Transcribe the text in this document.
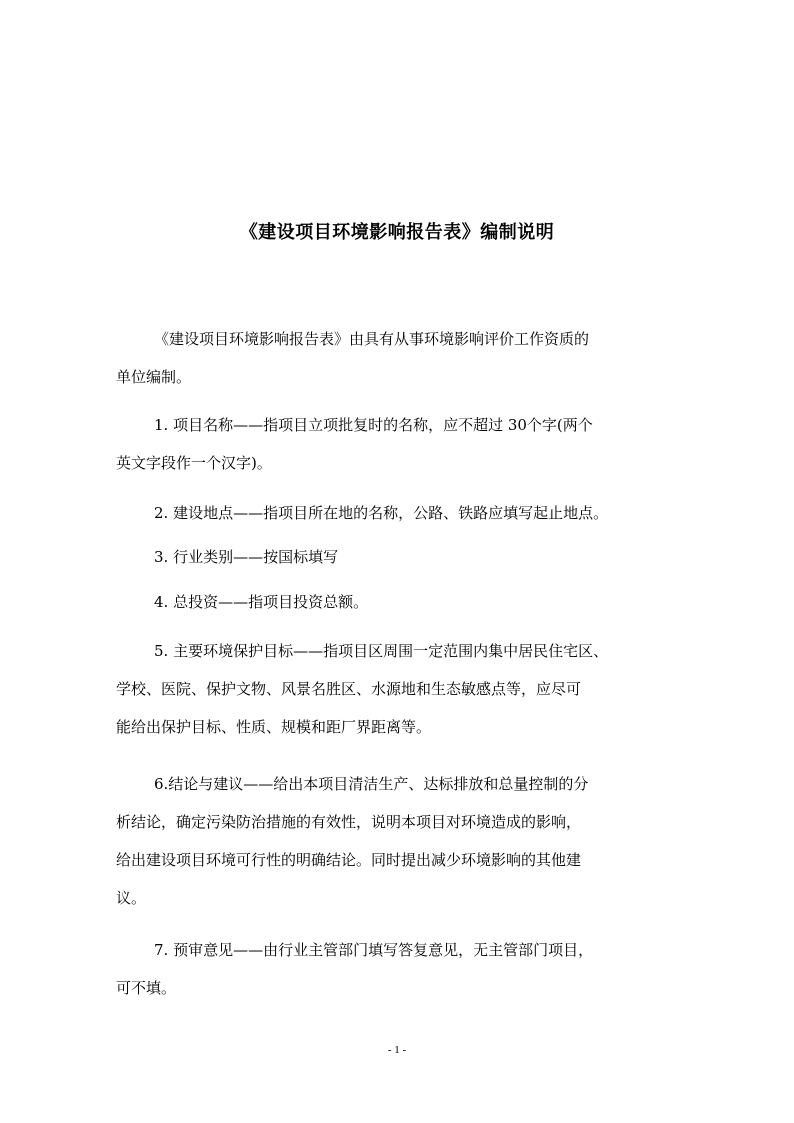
《建设项目环境影响报告表》编制说明
《建设项目环境影响报告表》由具有从事环境影响评价工作资质的
单位编制。
1. 项目名称——指项目立项批复时的名称，应不超过 30个字(两个
英文字段作一个汉字)。
2. 建设地点——指项目所在地的名称，公路、铁路应填写起止地点。
3. 行业类别——按国标填写
4. 总投资——指项目投资总额。
5. 主要环境保护目标——指项目区周围一定范围内集中居民住宅区、
学校、医院、保护文物、风景名胜区、水源地和生态敏感点等，应尽可
能给出保护目标、性质、规模和距厂界距离等。
6.结论与建议——给出本项目清洁生产、达标排放和总量控制的分
析结论，确定污染防治措施的有效性，说明本项目对环境造成的影响，
给出建设项目环境可行性的明确结论。同时提出减少环境影响的其他建
议。
7. 预审意见——由行业主管部门填写答复意见，无主管部门项目，
可不填。
- 1 -
